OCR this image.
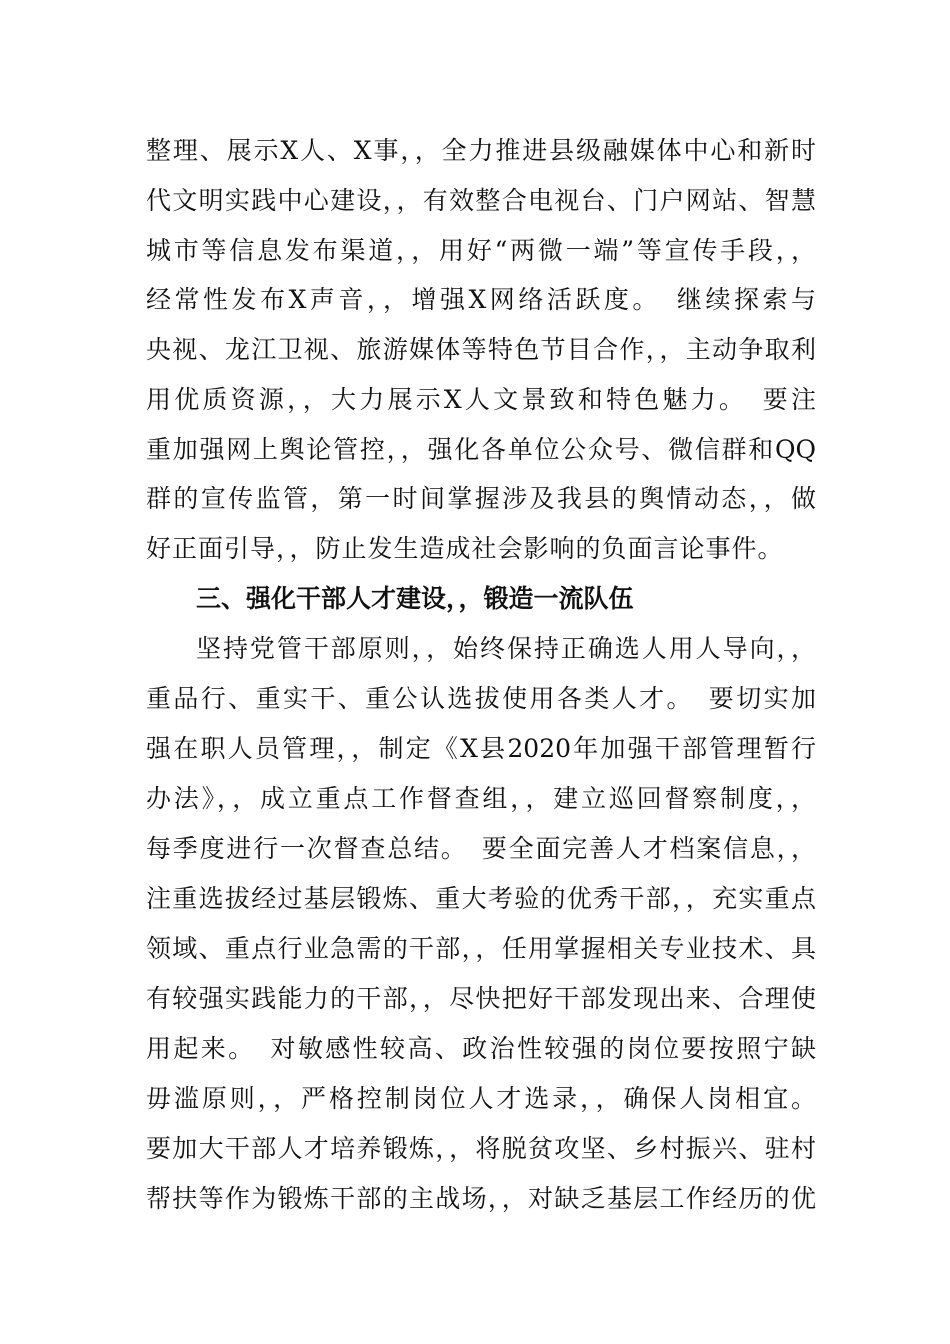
整理、展示X人、X事，，全力推进县级融媒体中心和新时
代文明实践中心建设，，有效整合电视台、门户网站、智慧
城市等信息发布渠道，，用好“两微一端”等宣传手段，，
经常性发布X声音，，增强X网络活跃度。　继续探索与
央视、龙江卫视、旅游媒体等特色节目合作，，主动争取利
用优质资源，，大力展示X人文景致和特色魅力。　要注
重加强网上舆论管控，，强化各单位公众号、微信群和QQ
群的宣传监管，第一时间掌握涉及我县的舆情动态，，做
好正面引导，，防止发生造成社会影响的负面言论事件。
三、强化干部人才建设，，锻造一流队伍
坚持党管干部原则，，始终保持正确选人用人导向，，
重品行、重实干、重公认选拔使用各类人才。　要切实加
强在职人员管理，，制定《X县2020年加强干部管理暂行
办法》，，成立重点工作督查组，，建立巡回督察制度，，
每季度进行一次督查总结。　要全面完善人才档案信息，，
注重选拔经过基层锻炼、重大考验的优秀干部，，充实重点
领域、重点行业急需的干部，，任用掌握相关专业技术、具
有较强实践能力的干部，，尽快把好干部发现出来、合理使
用起来。　对敏感性较高、政治性较强的岗位要按照宁缺
毋滥原则，，严格控制岗位人才选录，，确保人岗相宜。
要加大干部人才培养锻炼，，将脱贫攻坚、乡村振兴、驻村
帮扶等作为锻炼干部的主战场，，对缺乏基层工作经历的优
